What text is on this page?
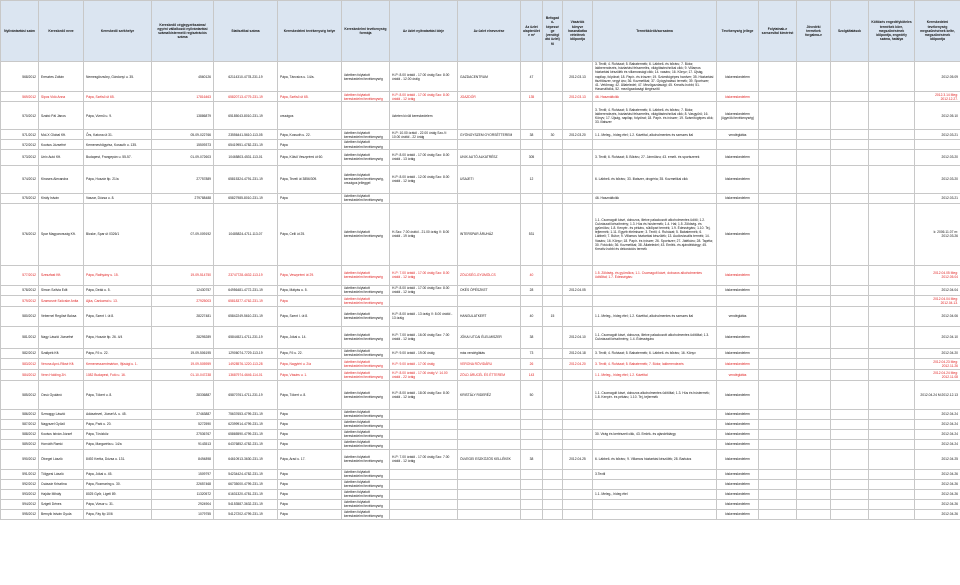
Nyilvántartási szám	Kereskedő neve	Kereskedő székhelye	Kereskedő cégjegyzékszáma/ egyéni vállalkozói nyilvántartási száma/kistermelő regisztrációs száma	Statisztikai száma	Kereskedelmi tevékenység helye	Kereskedelmi tevékenység formája	Az üzlet nyitvatartási ideje	Az üzlet elnevezése	Az üzlet alapterülete m²	Befogadó-képessége (vendéglátó üzlet) fő	Vásárlók könyve használatba vételének időpontja	Termékkörök/sorszáma	Tevékenység jellege	Folytatnak-e szeszesital kimérést	Jövedéki termékek forgalma-e	Szolgáltatások	Költözés engedélyköteles termékek köre, megszűnésének időpontja, engedély száma, hatálya	Kereskedelmi tevékenység megszűnésének kelte, megszűnésének időpontja
568/2012	Eresztes Zoltán	Nemesgörzsöny, Gárdonyi u. 35.	4560126	62114310-4778-231-19	Pápa, Táncsics u. 14/a.	üzletben folytatott kereskedelmi tevékenység	H-P: 8.00 órától - 17.00 óráig Szo: 8.00 órától - 12.00 óráig	GAZDACENTRUM	47		2012.03.13	3. Textil; 4. Ruházat; 5. Babatermék; 6. Lábbeli- és bőráru; 7. Bútor, lakberendezés, háztartási felszerelés, világítástechnikai cikk; 9. Villamos háztartási készülék és villamossági cikk; 14. vasáru; 16. Könyv; 17. Újság, napilap, folyóirat; 18. Papír- és írószer; 19. Számítógépes hardver; 35. Háztartási tisztítószer, vegyi áru; 36. Kozmetikai; 37. Gyógyhatású termék; 39. Sportszer; 41. Vetőmag; 42. Állateledel; 47. Mezőgazdasági; 45. Kreatív-hobbi; 51. Használtcikk, 52. mezőgazdasági kiegészítő	kiskereskedelem					2012.05.09
569/2012	Sipos Vidó Anna	Pápa, Szélső út 65.	17816463	65820713-4779-231-19	Pápa, Szélső út 65.	üzletben folytatott kereskedelmi tevékenység	H-P: 8.00 órától - 17.00 óráig Szo: 8.00 órától - 12 óráig	JGAZDÓR	135		2012.03.13	46. Használtcikk	kiskereskedelem					2012.3.14 Meg: 2012.12.27.
570/2012	Szabó Pál János	Pápa, Vizmű u. 9.	13886879	65185043-8010-231-19	országos		üzleten kívüli kereskedelem					3. Textil; 4. Ruházat; 5. Babatermék; 6. Lábbeli- és bőráru; 7. Bútor, lakberendezés, háztartási felszerelés, világítástechnikai cikk; 8. Vasgyűrű; 16. Könyv; 17. Újság, napilap, folyóirat; 18. Papír- és írószer; 19. Számítógépes cikk; 33. illatszer	kiskereskedelem (ügynöki tevékenység)					2012.05.10
571/2012	Mol-X Global Kft.	Őrs, Katona út 31.	05-09-022766	23556441-5610-113-05	Pápa, Kossuth u. 22.	üzletben folytatott kereskedelmi tevékenység	H-P: 10.00 órától - 22.00 óráig Szo-V: 10.00 órától - 22 óráig	GYÖNGYSZEM GYORSÉTTEREM	38	30	2012.03.20	1.1. Meleg-, hideg étel; 1.2. Kávéital, alkoholmentes és szeszes ital	vendéglátás					2012.03.21
572/2012	Kovács Józsefné	Kemeneshőgyész, Kossuth u. 135.	15509373	65419951-4782-231-19	Pápa	üzletben folytatott kereskedelmi tevékenység												
573/2012	Unix Autó Kft.	Budapest, Frangepán u. 55-57.	01-09-072603	10465803-4531-113-01	Pápa, Külső Veszprémi út 60.	üzletben folytatott kereskedelmi tevékenység	H-P: 8.00 órától - 17.00 óráig Szo: 8.00 órától - 13 óráig	UNIX AUTÓ ALKATRÉSZ	305			3. Textil; 6. Ruházat; 8. Bőráru; 27. Járműáru; 43. emelt- és sportszerek	kiskereskedelem					2012.03.20
574/2012	Kincses Alexandra	Pápa, Huszár ltp. 21/a	27757889	65815324-4791-231-19	Pápa, Teveli út 3856/309.	üzletben folytatott kereskedelmi tevékenység, országos jelleggel	H-P: 8.00 órától - 12.00 óráig Szo: 8.00 órától - 12 óráig	USAJETI	12			6. Lábbeli- és bőráru; 33. Illatszer, drogéria; 35. Kozmetikai cikk	kiskereskedelem					2012.03.20
575/2012	Király István	Vaszar, Dózsa u. 8.	279788488	65827985-8010-231-19	Pápa	üzletben folytatott kereskedelmi tevékenység						46. Használtcikk	kiskereskedelem					2012.03.21
576/2012	Spar Magyarország Kft.	Bicske, Spar út 0326/1	07-09-009192	10485824-4711-113-07	Pápa, Celli út 25.	üzletben folytatott kereskedelmi tevékenység	H-Szo: 7.00 órától - 21.00 óráig V: 8.00 órától - 19 óráig	INTERSPAR ÁRUHÁZ	531			1.1. Csomagolt kávé, dobozos, illetve palackozott alkoholmentes üdítő; 1.2. Cukrászati készítmény; 1.3. Hús és hústermék; 1.4. Hal; 1.5. Zöldség- és gyümölcs; 1.8. Kenyér- és pékáru, sütőipari termék; 1.9. Édességáru; 1.10. Tej, tejtermék; 1.11. Egyéb élelmiszer; 3. Textil; 4. Ruházat; 5. Babatermék; 6. Lábbeli; 7. Bútor; 9. Villamos háztartási készülék; 13. Audiovizuális termék; 14. Vasáru; 16. Könyv; 18. Papír- és írószer; 26. Sportszer; 27. Játékáru; 28. Tapéta; 30. Fotócikk; 36. Kozmetikai; 38. Állateledel; 43. Emlék- és ajándéktárgy; 45. Kreatív-hobbi és dekorációs termék	kiskereskedelem					k: 2006.11.07 m: 2012.03.26
577/2012	Szeszfast Kft.	Pápa, Rathyány u. 15.	19-09-514750	23747728-4632-113-19	Pápa, Veszprémi út 29.	üzletben folytatott kereskedelmi tevékenység	H-P: 7.00 órától - 17.00 óráig Szo: 8.00 órától - 12 óráig	ZÖLDSÉG-GYÜMÖLCS	40			1.5. Zöldség- és gyümölcs; 1.1. Csomagolt kávé, dobozos alkoholmentes üdítőital; 1.7. Édességáru	kiskereskedelem					2012.04.05 Meg: 2012.05.04
578/2012	Simon Szilvia Edit	Pápa, Deák u. 5.	12430757	64956481-4772-231-19	Pápa, Mátyás u. 5.	üzletben folytatott kereskedelmi tevékenység	H-P: 8.00 órától - 17.00 óráig Szo: 8.00 órától - 12 óráig	OKÉS ÓPÉSZKET	28		2012.04.05		kiskereskedelem					2012.04.04
579/2012	Szamosné Szöcske Anita	Ajka, Cankarrai u. 13.	27925003	65818377-4762-231-19	Pápa	üzletben folytatott kereskedelmi tevékenység												2012.04.04 Meg: 2012.04.13.
580/2012	Vebernel Regősé Boksa	Pápa, Szent I. út 8.	28227481	65842249-5610-231-19	Pápa, Szent I. út 8.	üzletben folytatott kereskedelmi tevékenység	H-P: 8.00 órától - 13 óráig V: 8.00 órától - 13 óráig	HANGULATKERT	40	15		1.1. Meleg-, hideg étel; 1.2. Kávéital, alkoholmentes és szeszes ital	vendéglátás					2012.04.06
581/2012	Nagy László Józsefné	Pápa, Huszár ltp. 26. 4/4	28295289	65844521-4711-231-19	Pápa, Jókai u. 14.	üzletben folytatott kereskedelmi tevékenység	H-P: 7.00 órától - 16.00 óráig Szo: 7.00 órától - 12 óráig	JÓKAI UTCAI ÉLELMISZER	38		2012.04.10	1.1. Csomagolt kávé, dobozos, illetve palackozott alkoholmentes üdítőital; 1.3. Cukrászati készítmény; 1.4. Édességáru	kiskereskedelem					2012.04.10
582/2012	Szalipék Kft.	Pápa, Fő u. 22.	19-09-506195	12906074-7729-113-19	Pápa, Fő u. 22.	üzletben folytatott kereskedelmi tevékenység	H-P: 9.00 órától - 19.00 óráig	más vendéglátás	73		2012.04.18	3. Textil; 4. Ruházat; 5. Babatermék; 6. Lábbeli- és bőráru; 16. Könyv	kiskereskedelem					2012.04.20
583/2012	Verona Apró-Riksé Kft.	Kemenesszentmárton, Ifjúsági u. 1.	19-09-505959	14928576-1220-113-28	Pápa, Nagytéri u. 2/a	üzletben folytatott kereskedelmi tevékenység	H-P: 9.00 órától - 17.00 óráig	VERONA RÖVIDÁRU	26		2012.04.20	3. Textil; 4. Ruházat; 5. Babatermék; 7. Bútor, lakberendezés	kiskereskedelem					2012.04.23 Meg: 2012.11.26
584/2012	Venn Holding Zrt.	1082 Budapest, Futó u. 16.	01-10-047238	13687974-4646-114-01	Pápa, Vásárs u. 1.	üzletben folytatott kereskedelmi tevékenység	H-P: 8.00 órától - 17.00 óráig V: 14.00 órától - 22 óráig	ZÖLD ÁRUCÉL ÉS ÉTTEREM	143			1.1. Meleg-, hideg étel; 1.2. Kávéital	vendéglátás					2012.04.24 Meg: 2012.11.08
585/2012	Ozsú Gyulánó	Pápa, Tókert u. 8.	28336887	65870761-4711-231-19	Pápa, Tókert u. 8.	üzletben folytatott kereskedelmi tevékenység	H-P: 8.00 órától - 18.00 óráig Szo: 8.00 órától - 12 óráig	KRISTÁLY RIDERÉZ	50			1.1. Csomagolt kávé, dobozos alkoholmentes üdítőital; 1.3. Hús és hústermék; 1.8. Kenyér- és pékáru; 1.10. Tej, tejtermék	kiskereskedelem					2012.04.24 M:2012.12.13
586/2012	Szmoggy László	Adásztevel, József A. u. 45.	27463887	75637653-4799-231-19	Pápa	üzletben folytatott kereskedelmi tevékenység							kiskereskedelem					2012.04.24
587/2012	Nagyszel Győző	Pápa, Park u. 20.	5272590	62399914-4799-231-19	Pápa	üzletben folytatott kereskedelmi tevékenység							kiskereskedelem					2012.04.24
588/2012	Kovács István József	Pápa, Tóvizköz	27536767	65865590-4799-231-19	Pápa	üzletben folytatott kereskedelmi tevékenység						30. Virág és kertészeti cikk, 43. Emlék- és ajándéktárgy	kiskereskedelem					2012.04.24
589/2012	Horváth Ramić	Pápa, Margaréta u. 14/a	9143513	64376852-4782-231-19	Pápa	üzletben folytatott kereskedelmi tevékenység							kiskereskedelem					2012.04.24
590/2012	Ölvegei László	8492 Kertta, Dózsa u. 131.	8494898	64610913-3630-231-19	Pápa, Arad u. 17.	üzletben folytatott kereskedelmi tevékenység	H-P: 7.00 órától - 17.00 óráig Szo: 7.00 órától - 12 óráig	ÖLVEGEI ESZKÖZÖS KELLÉKEK	38		2012.04.25	6. Lábbeli- és bőráru; 9. Villamos háztartási készülék; 28. Barkács	kiskereskedelem					2012.04.25
591/2012	Tölgyesi László	Pápa, Jókai u. 45.	1509797	54234424-4782-231-19	Pápa	üzletben folytatott kereskedelmi tevékenység						3.Textil	kiskereskedelem					2012.04.26
592/2012	Császár Krisztina	Pápa, Rozmaring u. 30.	22657468	66735000-4799-231-19	Pápa	üzletben folytatott kereskedelmi tevékenység							kiskereskedelem					2012.04.26
593/2012	Hajdár Mihály	8025 Győr, Ligeti 89.	11320572	61631320-4781-231-19	Pápa	üzletben folytatott kereskedelmi tevékenység						1.1. Meleg-, hideg étel	kiskereskedelem					2012.04.26
594/2012	Szigeti Dénes	Pápa, Vizsor u. 31.	2924904	54153587-3632-231-19	Pápa	üzletben folytatott kereskedelmi tevékenység							kiskereskedelem					2012.04.26
595/2012	Bernyík István Gyula	Pápa, Fáy ltp 10/6	1079755	54127202-4799-231-19	Pápa	üzletben folytatott kereskedelmi tevékenység							kiskereskedelem					2012.04.26
